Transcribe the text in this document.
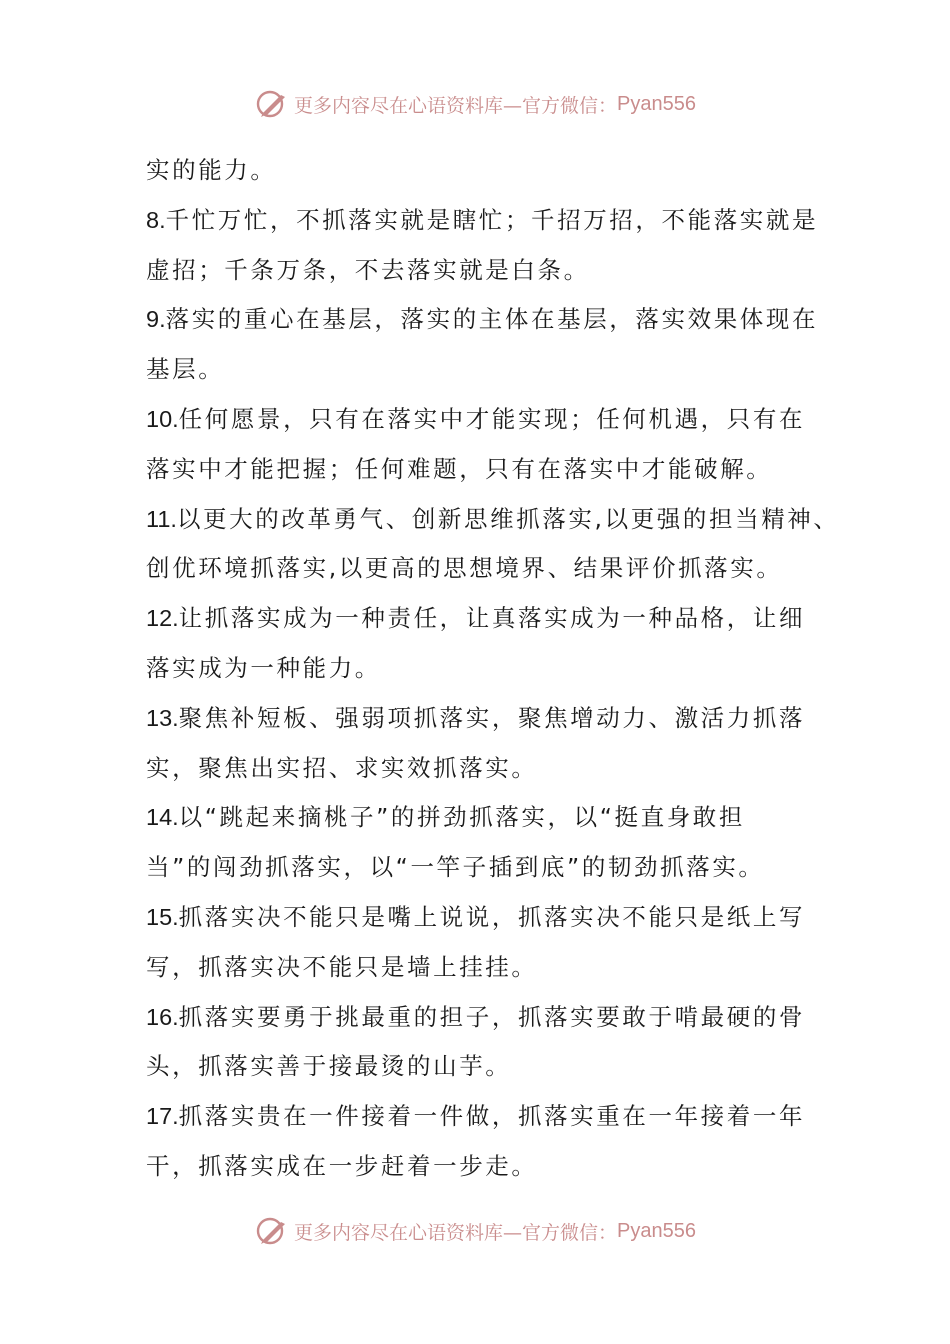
更多内容尽在心语资料库—官方微信： Pyan556
实的能力。
8.千忙万忙，不抓落实就是瞎忙；千招万招，不能落实就是
虚招；千条万条，不去落实就是白条。
9.落实的重心在基层，落实的主体在基层，落实效果体现在
基层。
10.任何愿景，只有在落实中才能实现；任何机遇，只有在
落实中才能把握；任何难题，只有在落实中才能破解。
11.以更大的改革勇气、创新思维抓落实,以更强的担当精神、
创优环境抓落实,以更高的思想境界、结果评价抓落实。
12.让抓落实成为一种责任，让真落实成为一种品格，让细
落实成为一种能力。
13.聚焦补短板、强弱项抓落实，聚焦增动力、激活力抓落
实，聚焦出实招、求实效抓落实。
14.以“跳起来摘桃子”的拼劲抓落实，以“挺直身敢担
当”的闯劲抓落实，以“一竿子插到底”的韧劲抓落实。
15.抓落实决不能只是嘴上说说，抓落实决不能只是纸上写
写，抓落实决不能只是墙上挂挂。
16.抓落实要勇于挑最重的担子，抓落实要敢于啃最硬的骨
头，抓落实善于接最烫的山芋。
17.抓落实贵在一件接着一件做，抓落实重在一年接着一年
干，抓落实成在一步赶着一步走。
更多内容尽在心语资料库—官方微信： Pyan556
